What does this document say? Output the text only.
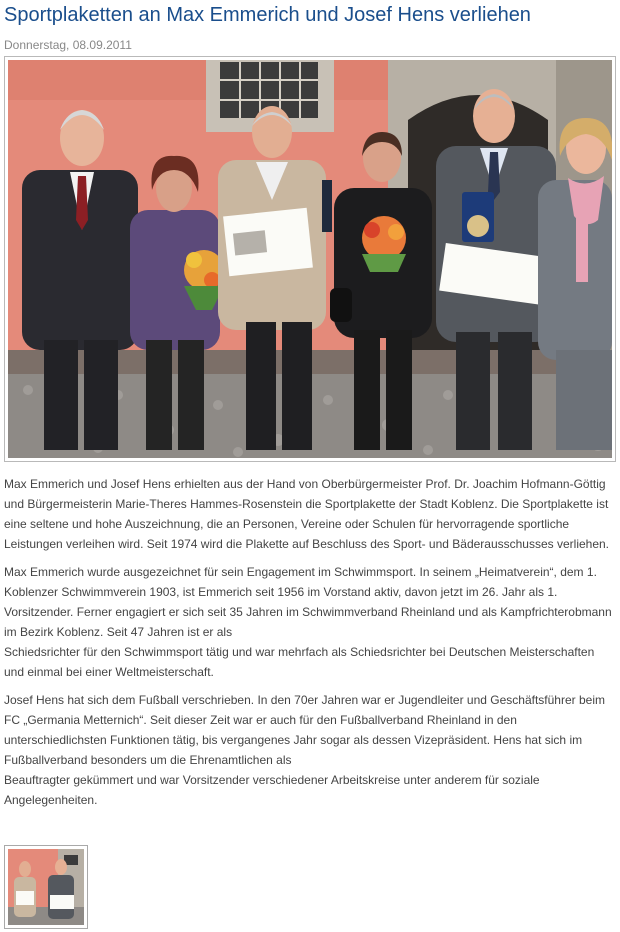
Sportplaketten an Max Emmerich und Josef Hens verliehen
Donnerstag, 08.09.2011

Max Emmerich und Josef Hens erhielten aus der Hand von Oberbürgermeister Prof. Dr. Joachim Hofmann-Göttig und Bürgermeisterin Marie-Theres Hammes-Rosenstein die Sportplakette der Stadt Koblenz. Die Sportplakette ist eine seltene und hohe Auszeichnung, die an Personen, Vereine oder Schulen für hervorragende sportliche Leistungen verleihen wird. Seit 1974 wird die Plakette auf Beschluss des Sport- und Bäderausschusses verliehen.

Max Emmerich wurde ausgezeichnet für sein Engagement im Schwimmsport. In seinem „Heimatverein“, dem 1. Koblenzer Schwimmverein 1903, ist Emmerich seit 1956 im Vorstand aktiv, davon jetzt im 26. Jahr als 1. Vorsitzender. Ferner engagiert er sich seit 35 Jahren im Schwimmverband Rheinland und als Kampfrichterobmann im Bezirk Koblenz. Seit 47 Jahren ist er als
Schiedsrichter für den Schwimmsport tätig und war mehrfach als Schiedsrichter bei Deutschen Meisterschaften und einmal bei einer Weltmeisterschaft.

Josef Hens hat sich dem Fußball verschrieben. In den 70er Jahren war er Jugendleiter und Geschäftsführer beim FC „Germania Metternich“. Seit dieser Zeit war er auch für den Fußballverband Rheinland in den unterschiedlichsten Funktionen tätig, bis vergangenes Jahr sogar als dessen Vizepräsident. Hens hat sich im Fußballverband besonders um die Ehrenamtlichen als
Beauftragter gekümmert und war Vorsitzender verschiedener Arbeitskreise unter anderem für soziale Angelegenheiten.
